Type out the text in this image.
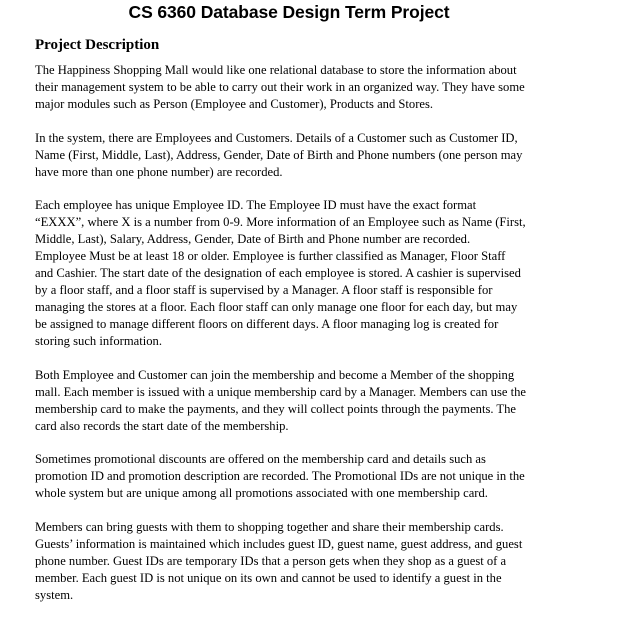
CS 6360 Database Design Term Project
Project Description

The Happiness Shopping Mall would like one relational database to store the information about
their management system to be able to carry out their work in an organized way. They have some
major modules such as Person (Employee and Customer), Products and Stores.

In the system, there are Employees and Customers. Details of a Customer such as Customer ID,
Name (First, Middle, Last), Address, Gender, Date of Birth and Phone numbers (one person may
have more than one phone number) are recorded.

Each employee has unique Employee ID. The Employee ID must have the exact format
“EXXX”, where X is a number from 0-9. More information of an Employee such as Name (First,
Middle, Last), Salary, Address, Gender, Date of Birth and Phone number are recorded.
Employee Must be at least 18 or older. Employee is further classified as Manager, Floor Staff
and Cashier. The start date of the designation of each employee is stored. A cashier is supervised
by a floor staff, and a floor staff is supervised by a Manager. A floor staff is responsible for
managing the stores at a floor. Each floor staff can only manage one floor for each day, but may
be assigned to manage different floors on different days. A floor managing log is created for
storing such information.

Both Employee and Customer can join the membership and become a Member of the shopping
mall. Each member is issued with a unique membership card by a Manager. Members can use the
membership card to make the payments, and they will collect points through the payments. The
card also records the start date of the membership.

Sometimes promotional discounts are offered on the membership card and details such as
promotion ID and promotion description are recorded. The Promotional IDs are not unique in the
whole system but are unique among all promotions associated with one membership card.

Members can bring guests with them to shopping together and share their membership cards.
Guests’ information is maintained which includes guest ID, guest name, guest address, and guest
phone number. Guest IDs are temporary IDs that a person gets when they shop as a guest of a
member. Each guest ID is not unique on its own and cannot be used to identify a guest in the
system.
